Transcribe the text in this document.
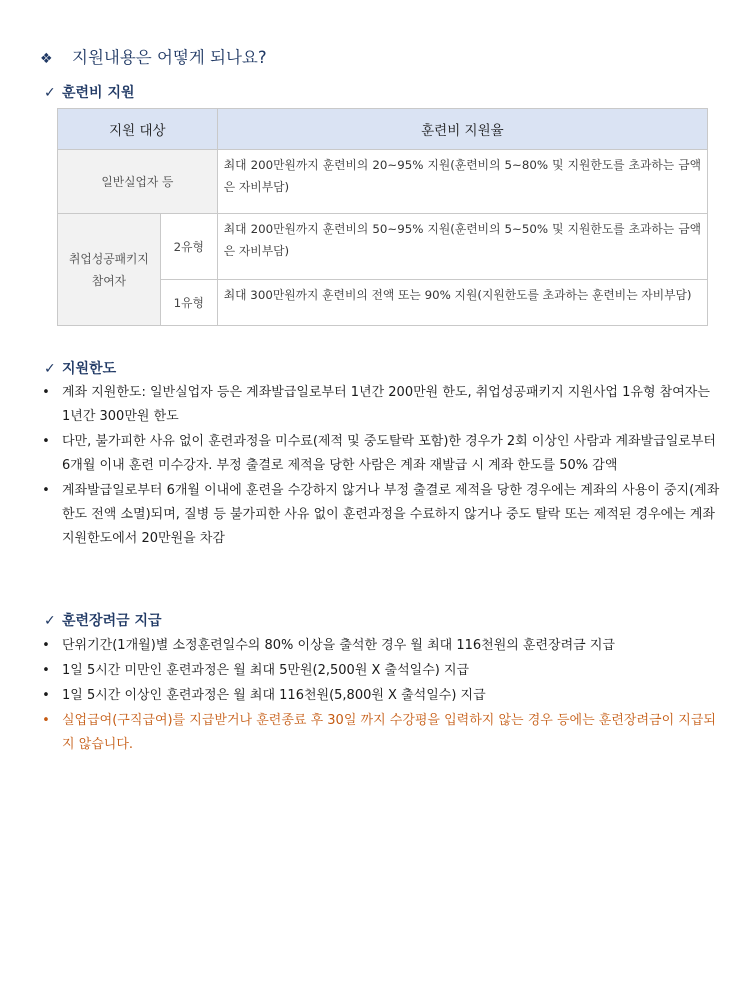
❖ 지원내용은 어떻게 되나요?
✓ 훈련비 지원
지원 대상		훈련비 지원율
일반실업자 등		최대 200만원까지 훈련비의 20~95% 지원(훈련비의 5~80% 및 지원한도를 초과하는 금액은 자비부담)
취업성공패키지 참여자	2유형	최대 200만원까지 훈련비의 50~95% 지원(훈련비의 5~50% 및 지원한도를 초과하는 금액은 자비부담)
	1유형	최대 300만원까지 훈련비의 전액 또는 90% 지원(지원한도를 초과하는 훈련비는 자비부담)
✓ 지원한도
• 계좌 지원한도: 일반실업자 등은 계좌발급일로부터 1년간 200만원 한도, 취업성공패키지 지원사업 1유형 참여자는 1년간 300만원 한도
• 다만, 불가피한 사유 없이 훈련과정을 미수료(제적 및 중도탈락 포함)한 경우가 2회 이상인 사람과 계좌발급일로부터 6개월 이내 훈련 미수강자. 부정 출결로 제적을 당한 사람은 계좌 재발급 시 계좌 한도를 50% 감액
• 계좌발급일로부터 6개월 이내에 훈련을 수강하지 않거나 부정 출결로 제적을 당한 경우에는 계좌의 사용이 중지(계좌한도 전액 소멸)되며, 질병 등 불가피한 사유 없이 훈련과정을 수료하지 않거나 중도 탈락 또는 제적된 경우에는 계좌 지원한도에서 20만원을 차감
✓ 훈련장려금 지급
• 단위기간(1개월)별 소정훈련일수의 80% 이상을 출석한 경우 월 최대 116천원의 훈련장려금 지급
• 1일 5시간 미만인 훈련과정은 월 최대 5만원(2,500원 X 출석일수) 지급
• 1일 5시간 이상인 훈련과정은 월 최대 116천원(5,800원 X 출석일수) 지급
• 실업급여(구직급여)를 지급받거나 훈련종료 후 30일 까지 수강평을 입력하지 않는 경우 등에는 훈련장려금이 지급되지 않습니다.
